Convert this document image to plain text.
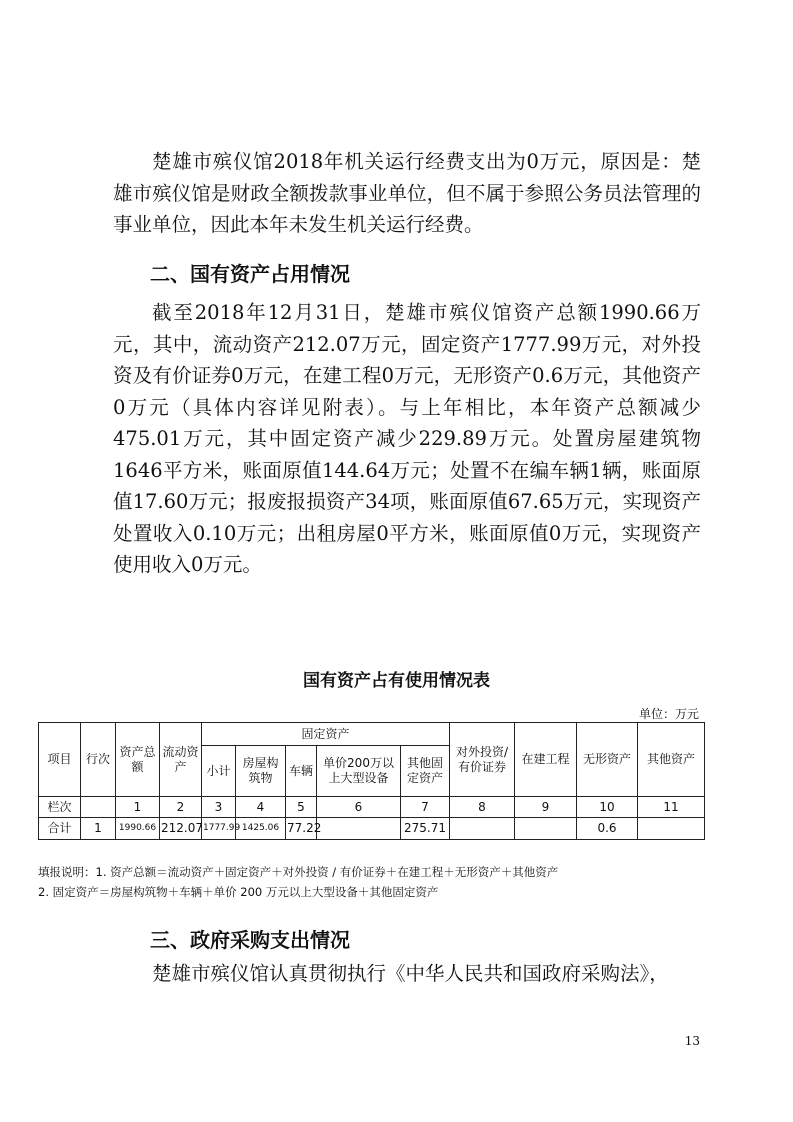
楚雄市殡仪馆2018年机关运行经费支出为0万元，原因是：楚雄市殡仪馆是财政全额拨款事业单位，但不属于参照公务员法管理的事业单位，因此本年未发生机关运行经费。

二、国有资产占用情况

截至2018年12月31日，楚雄市殡仪馆资产总额1990.66万元，其中，流动资产212.07万元，固定资产1777.99万元，对外投资及有价证券0万元，在建工程0万元，无形资产0.6万元，其他资产0万元（具体内容详见附表）。与上年相比，本年资产总额减少475.01万元，其中固定资产减少229.89万元。处置房屋建筑物1646平方米，账面原值144.64万元；处置不在编车辆1辆，账面原值17.60万元；报废报损资产34项，账面原值67.65万元，实现资产处置收入0.10万元；出租房屋0平方米，账面原值0万元，实现资产使用收入0万元。

国有资产占有使用情况表
单位：万元
项目	行次	资产总额	流动资产	固定资产					对外投资/有价证券	在建工程	无形资产	其他资产
				小计	房屋构筑物	车辆	单价200万以上大型设备	其他固定资产				
栏次		1	2	3	4	5	6	7	8	9	10	11
合计	1	1990.66	212.07	1777.99	1425.06	77.22		275.71			0.6	
填报说明：1. 资产总额＝流动资产＋固定资产＋对外投资 / 有价证券＋在建工程＋无形资产＋其他资产
2. 固定资产＝房屋构筑物＋车辆＋单价 200 万元以上大型设备＋其他固定资产
三、政府采购支出情况

楚雄市殡仪馆认真贯彻执行《中华人民共和国政府采购法》，

13
